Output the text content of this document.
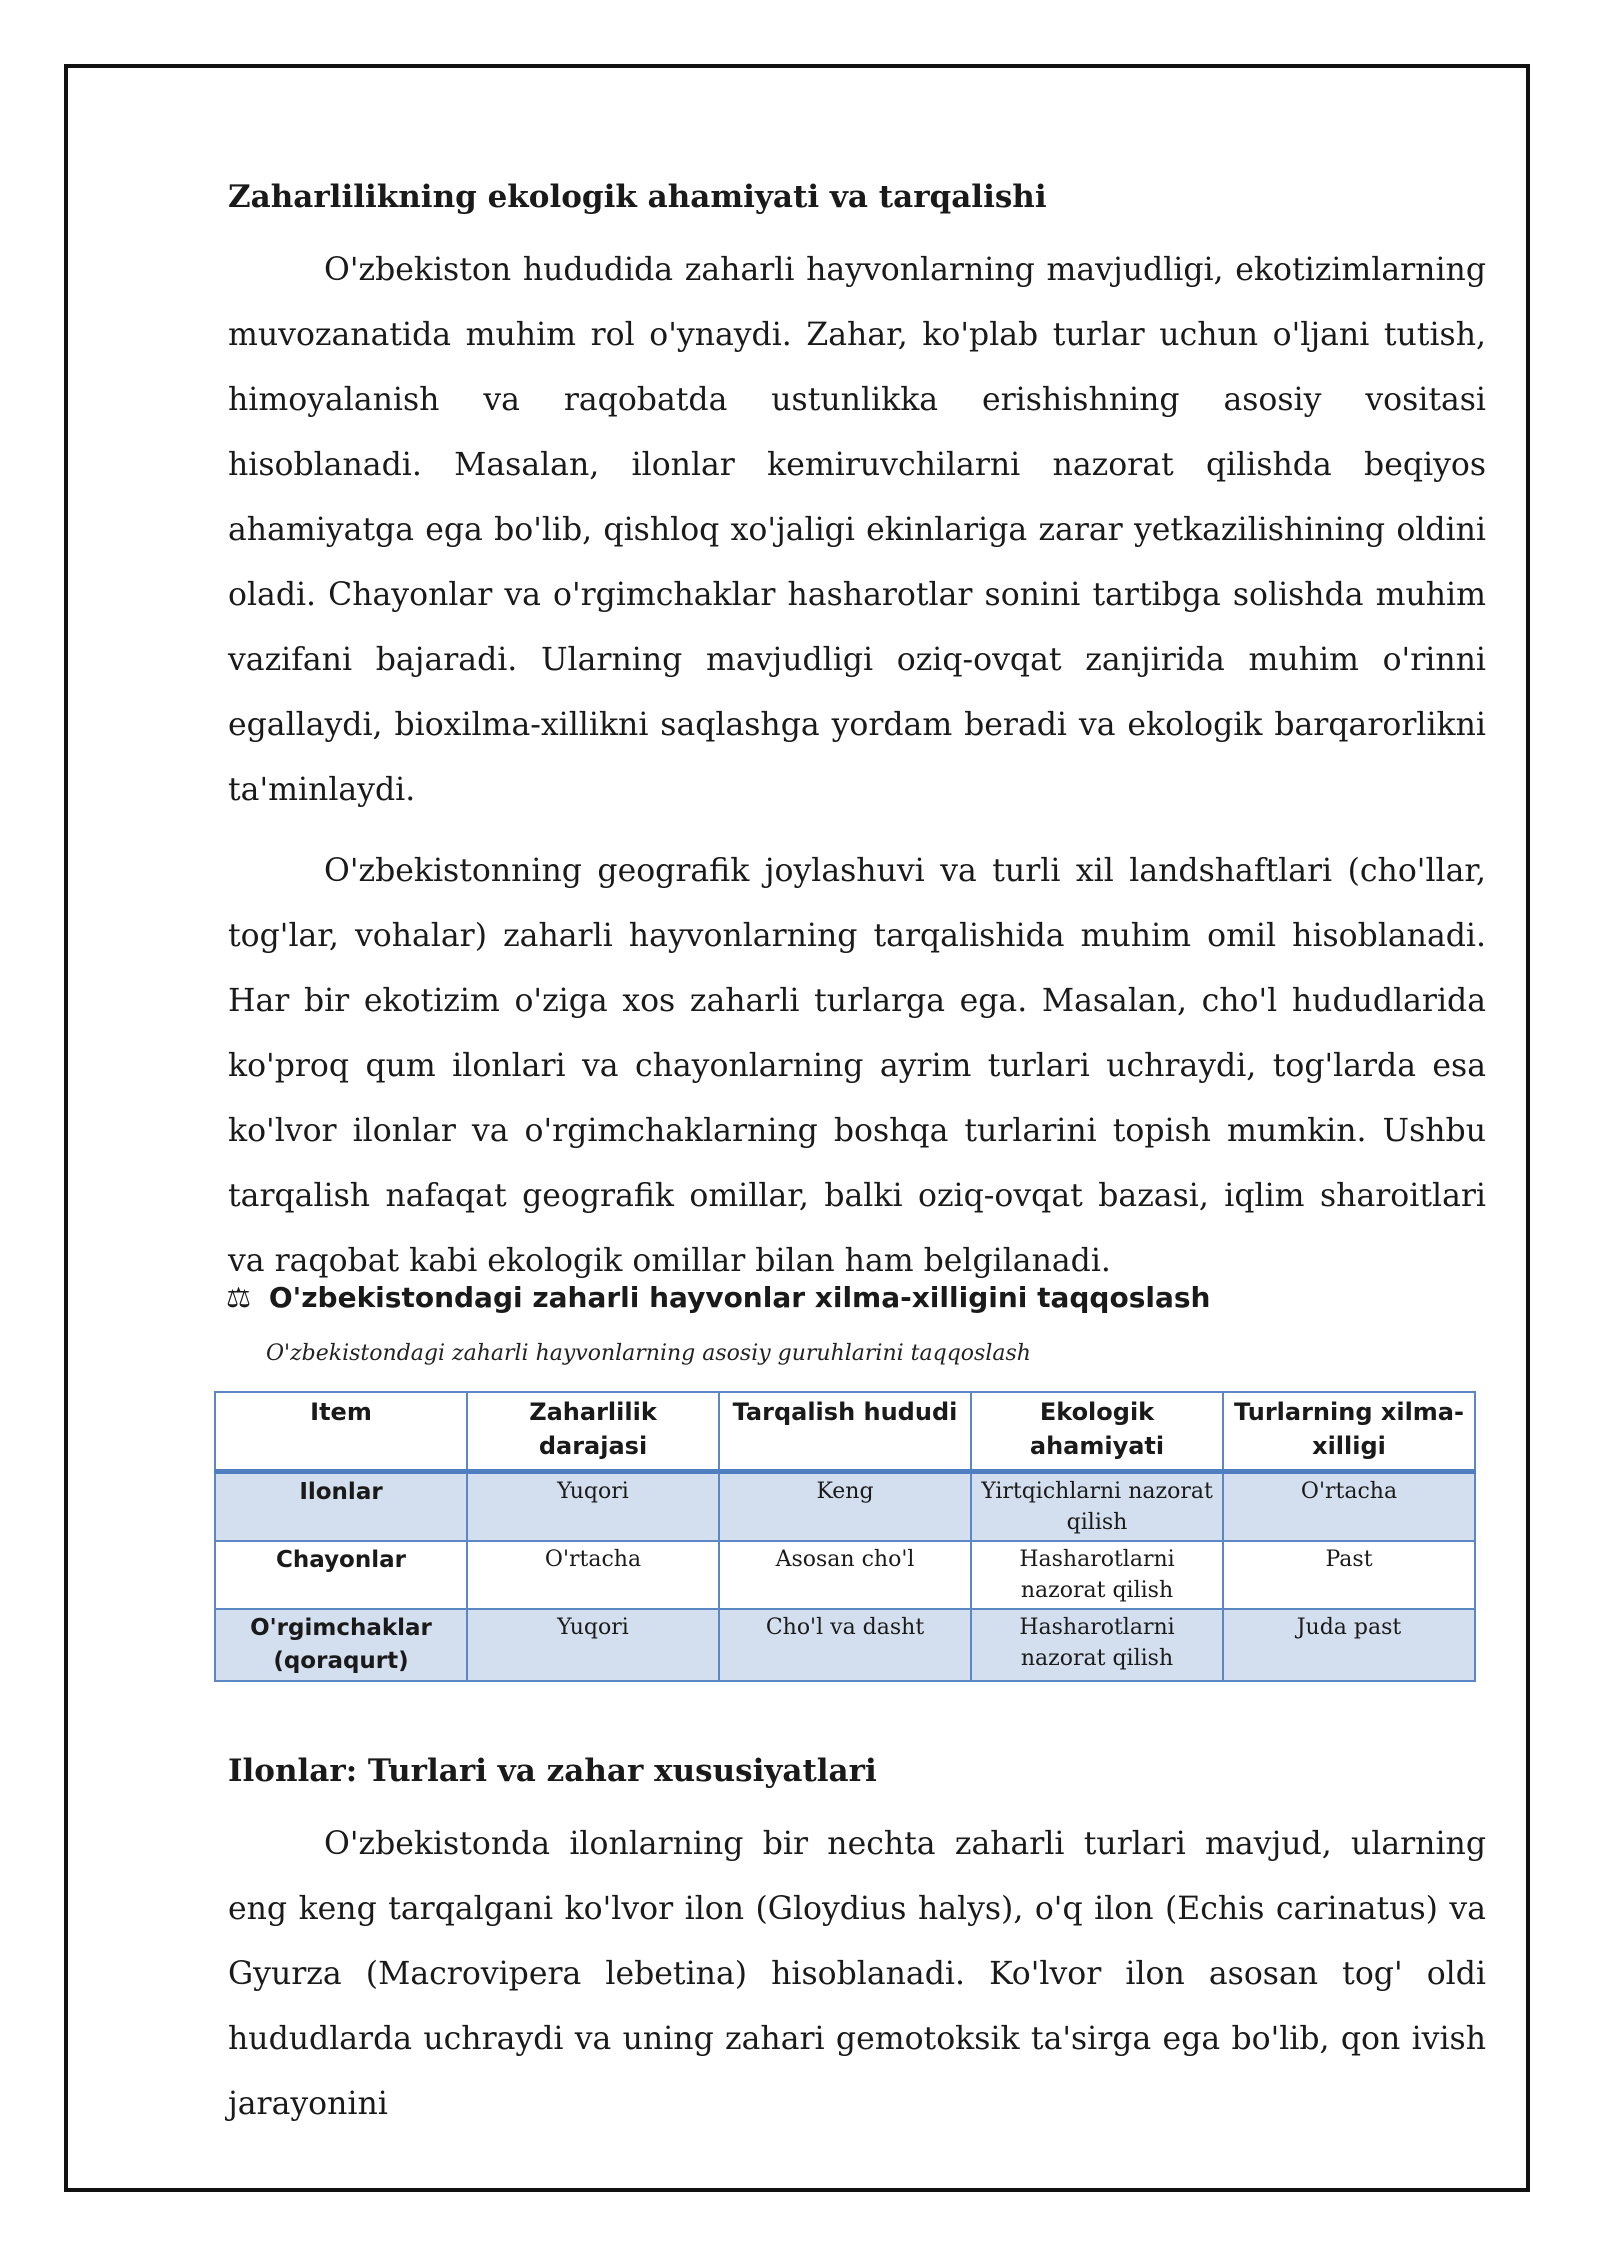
Zaharlilikning ekologik ahamiyati va tarqalishi

O'zbekiston hududida zaharli hayvonlarning mavjudligi, ekotizimlarning muvozanatida muhim rol o'ynaydi. Zahar, ko'plab turlar uchun o'ljani tutish, himoyalanish va raqobatda ustunlikka erishishning asosiy vositasi hisoblanadi. Masalan, ilonlar kemiruvchilarni nazorat qilishda beqiyos ahamiyatga ega bo'lib, qishloq xo'jaligi ekinlariga zarar yetkazilishining oldini oladi. Chayonlar va o'rgimchaklar hasharotlar sonini tartibga solishda muhim vazifani bajaradi. Ularning mavjudligi oziq-ovqat zanjirida muhim o'rinni egallaydi, bioxilma-xillikni saqlashga yordam beradi va ekologik barqarorlikni ta'minlaydi.

O'zbekistonning geografik joylashuvi va turli xil landshaftlari (cho'llar, tog'lar, vohalar) zaharli hayvonlarning tarqalishida muhim omil hisoblanadi. Har bir ekotizim o'ziga xos zaharli turlarga ega. Masalan, cho'l hududlarida ko'proq qum ilonlari va chayonlarning ayrim turlari uchraydi, tog'larda esa ko'lvor ilonlar va o'rgimchaklarning boshqa turlarini topish mumkin. Ushbu tarqalish nafaqat geografik omillar, balki oziq-ovqat bazasi, iqlim sharoitlari va raqobat kabi ekologik omillar bilan ham belgilanadi.

⚖ O'zbekistondagi zaharli hayvonlar xilma-xilligini taqqoslash
O'zbekistondagi zaharli hayvonlarning asosiy guruhlarini taqqoslash
Item	Zaharlilik darajasi	Tarqalish hududi	Ekologik ahamiyati	Turlarning xilma-xilligi
Ilonlar	Yuqori	Keng	Yirtqichlarni nazorat qilish	O'rtacha
Chayonlar	O'rtacha	Asosan cho'l	Hasharotlarni nazorat qilish	Past
O'rgimchaklar (qoraqurt)	Yuqori	Cho'l va dasht	Hasharotlarni nazorat qilish	Juda past
Ilonlar: Turlari va zahar xususiyatlari

O'zbekistonda ilonlarning bir nechta zaharli turlari mavjud, ularning eng keng tarqalgani ko'lvor ilon (Gloydius halys), o'q ilon (Echis carinatus) va Gyurza (Macrovipera lebetina) hisoblanadi. Ko'lvor ilon asosan tog' oldi hududlarda uchraydi va uning zahari gemotoksik ta'sirga ega bo'lib, qon ivish jarayonini
